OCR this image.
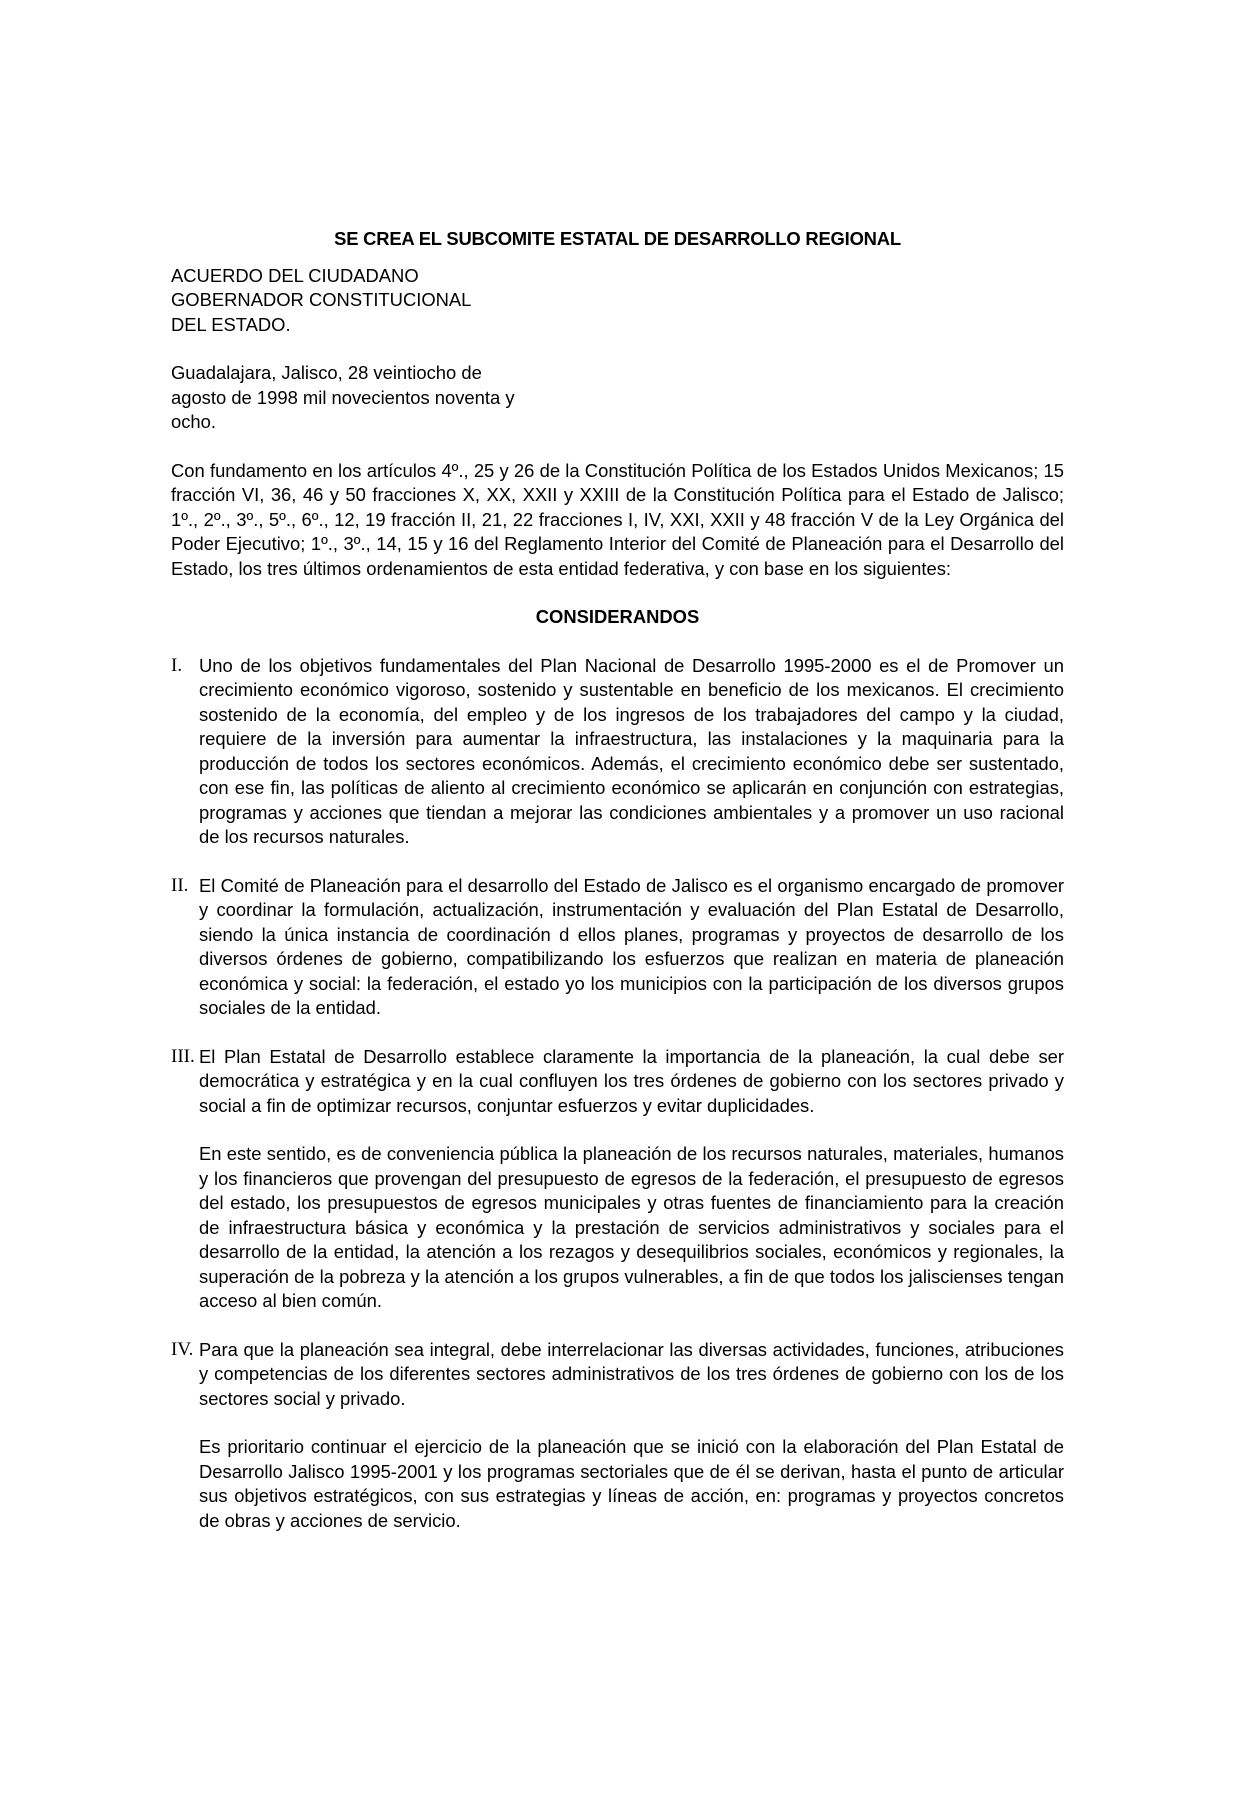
SE CREA EL SUBCOMITE ESTATAL DE DESARROLLO REGIONAL
ACUERDO DEL CIUDADANO
GOBERNADOR CONSTITUCIONAL
DEL ESTADO.
Guadalajara, Jalisco, 28 veintiocho de agosto de 1998 mil novecientos noventa y ocho.

Con fundamento en los artículos 4º., 25 y 26 de la Constitución Política de los Estados Unidos Mexicanos; 15 fracción VI, 36, 46 y 50 fracciones X, XX, XXII y XXIII de la Constitución Política para el Estado de Jalisco; 1º., 2º., 3º., 5º., 6º., 12, 19 fracción II, 21, 22 fracciones I, IV, XXI, XXII y 48 fracción V de la Ley Orgánica del Poder Ejecutivo; 1º., 3º., 14, 15 y 16 del Reglamento Interior del Comité de Planeación para el Desarrollo del Estado, los tres últimos ordenamientos de esta entidad federativa, y con base en los siguientes:

CONSIDERANDOS
I. Uno de los objetivos fundamentales del Plan Nacional de Desarrollo 1995-2000 es el de Promover un crecimiento económico vigoroso, sostenido y sustentable en beneficio de los mexicanos. El crecimiento sostenido de la economía, del empleo y de los ingresos de los trabajadores del campo y la ciudad, requiere de la inversión para aumentar la infraestructura, las instalaciones y la maquinaria para la producción de todos los sectores económicos. Además, el crecimiento económico debe ser sustentado, con ese fin, las políticas de aliento al crecimiento económico se aplicarán en conjunción con estrategias, programas y acciones que tiendan a mejorar las condiciones ambientales y a promover un uso racional de los recursos naturales.

II. El Comité de Planeación para el desarrollo del Estado de Jalisco es el organismo encargado de promover y coordinar la formulación, actualización, instrumentación y evaluación del Plan Estatal de Desarrollo, siendo la única instancia de coordinación d ellos planes, programas y proyectos de desarrollo de los diversos órdenes de gobierno, compatibilizando los esfuerzos que realizan en materia de planeación económica y social: la federación, el estado yo los municipios con la participación de los diversos grupos sociales de la entidad.

III. El Plan Estatal de Desarrollo establece claramente la importancia de la planeación, la cual debe ser democrática y estratégica y en la cual confluyen los tres órdenes de gobierno con los sectores privado y social a fin de optimizar recursos, conjuntar esfuerzos y evitar duplicidades.

En este sentido, es de conveniencia pública la planeación de los recursos naturales, materiales, humanos y los financieros que provengan del presupuesto de egresos de la federación, el presupuesto de egresos del estado, los presupuestos de egresos municipales y otras fuentes de financiamiento para la creación de infraestructura básica y económica y la prestación de servicios administrativos y sociales para el desarrollo de la entidad, la atención a los rezagos y desequilibrios sociales, económicos y regionales, la superación de la pobreza y la atención a los grupos vulnerables, a fin de que todos los jaliscienses tengan acceso al bien común.

IV. Para que la planeación sea integral, debe interrelacionar las diversas actividades, funciones, atribuciones y competencias de los diferentes sectores administrativos de los tres órdenes de gobierno con los de los sectores social y privado.

Es prioritario continuar el ejercicio de la planeación que se inició con la elaboración del Plan Estatal de Desarrollo Jalisco 1995-2001 y los programas sectoriales que de él se derivan, hasta el punto de articular sus objetivos estratégicos, con sus estrategias y líneas de acción, en: programas y proyectos concretos de obras y acciones de servicio.
